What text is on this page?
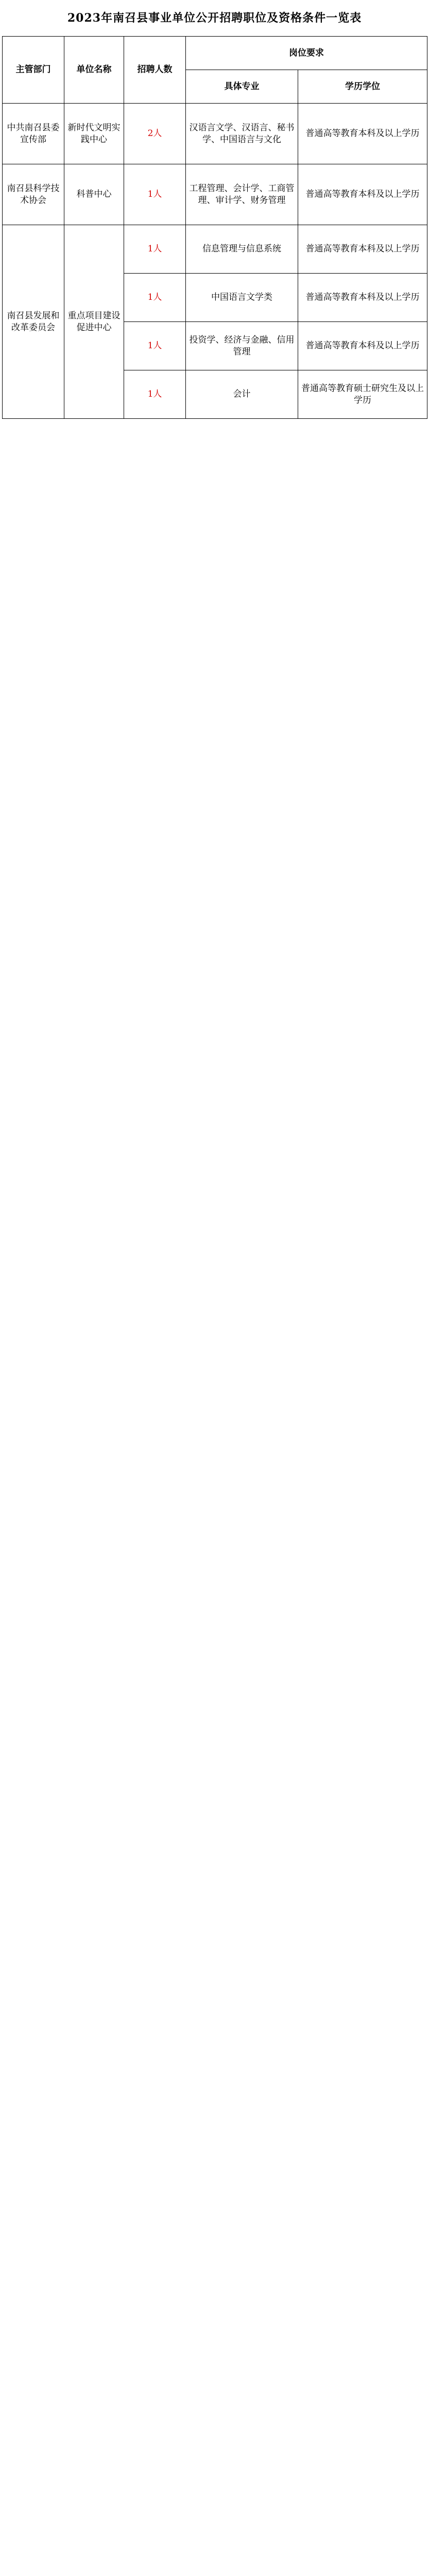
2023年南召县事业单位公开招聘职位及资格条件一览表
主管部门	单位名称	招聘人数	岗位要求	
			具体专业	学历学位
中共南召县委宣传部	新时代文明实践中心	2人	汉语言文学、汉语言、秘书学、中国语言与文化	普通高等教育本科及以上学历
南召县科学技术协会	科普中心	1人	工程管理、会计学、工商管理、审计学、财务管理	普通高等教育本科及以上学历
南召县发展和改革委员会	重点项目建设促进中心	1人	信息管理与信息系统	普通高等教育本科及以上学历
		1人	中国语言文学类	普通高等教育本科及以上学历
		1人	投资学、经济与金融、信用管理	普通高等教育本科及以上学历
		1人	会计	普通高等教育硕士研究生及以上学历
